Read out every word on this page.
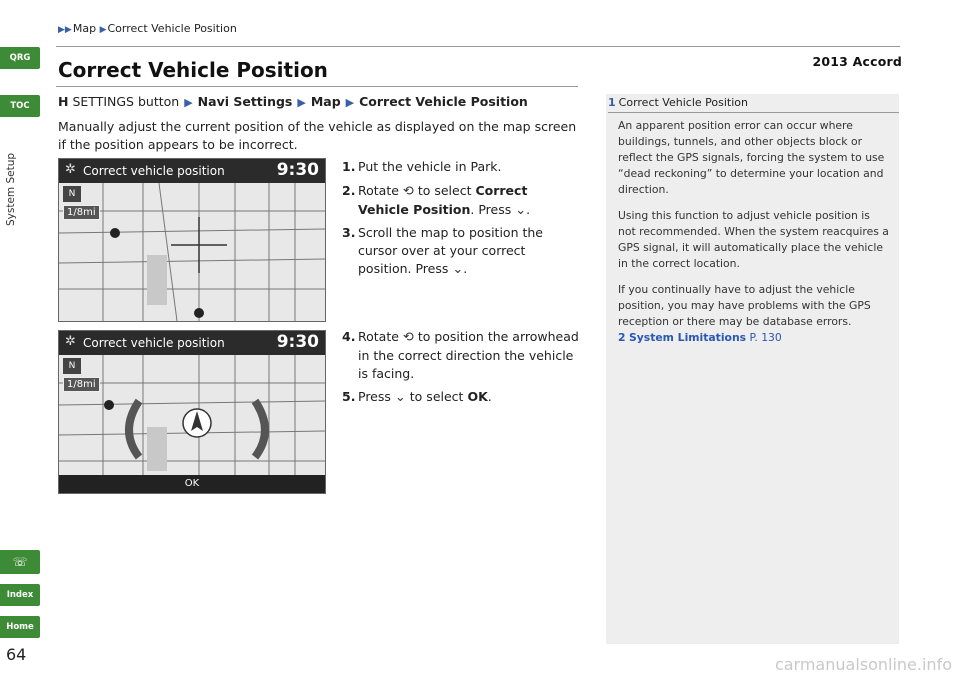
▶▶Map ▶Correct Vehicle Position
2013 Accord
Correct Vehicle Position
H SETTINGS button ▶ Navi Settings ▶ Map ▶ Correct Vehicle Position
Manually adjust the current position of the vehicle as displayed on the map screen if the position appears to be incorrect.
✲ Correct vehicle position	9:30
N
1/8mi
✲ Correct vehicle position	9:30
N
1/8mi
OK
1. Put the vehicle in Park.
2. Rotate ⟲ to select Correct Vehicle Position. Press ⌄.
3. Scroll the map to position the cursor over at your correct position. Press ⌄.
4. Rotate ⟲ to position the arrowhead in the correct direction the vehicle is facing.
5. Press ⌄ to select OK.
1 Correct Vehicle Position

An apparent position error can occur where buildings, tunnels, and other objects block or reflect the GPS signals, forcing the system to use “dead reckoning” to determine your location and direction.

Using this function to adjust vehicle position is not recommended. When the system reacquires a GPS signal, it will automatically place the vehicle in the correct location.

If you continually have to adjust the vehicle position, you may have problems with the GPS reception or there may be database errors.

2 System Limitations P. 130
QRG
TOC
System Setup
☏
Index
Home
64
carmanualsonline.info
